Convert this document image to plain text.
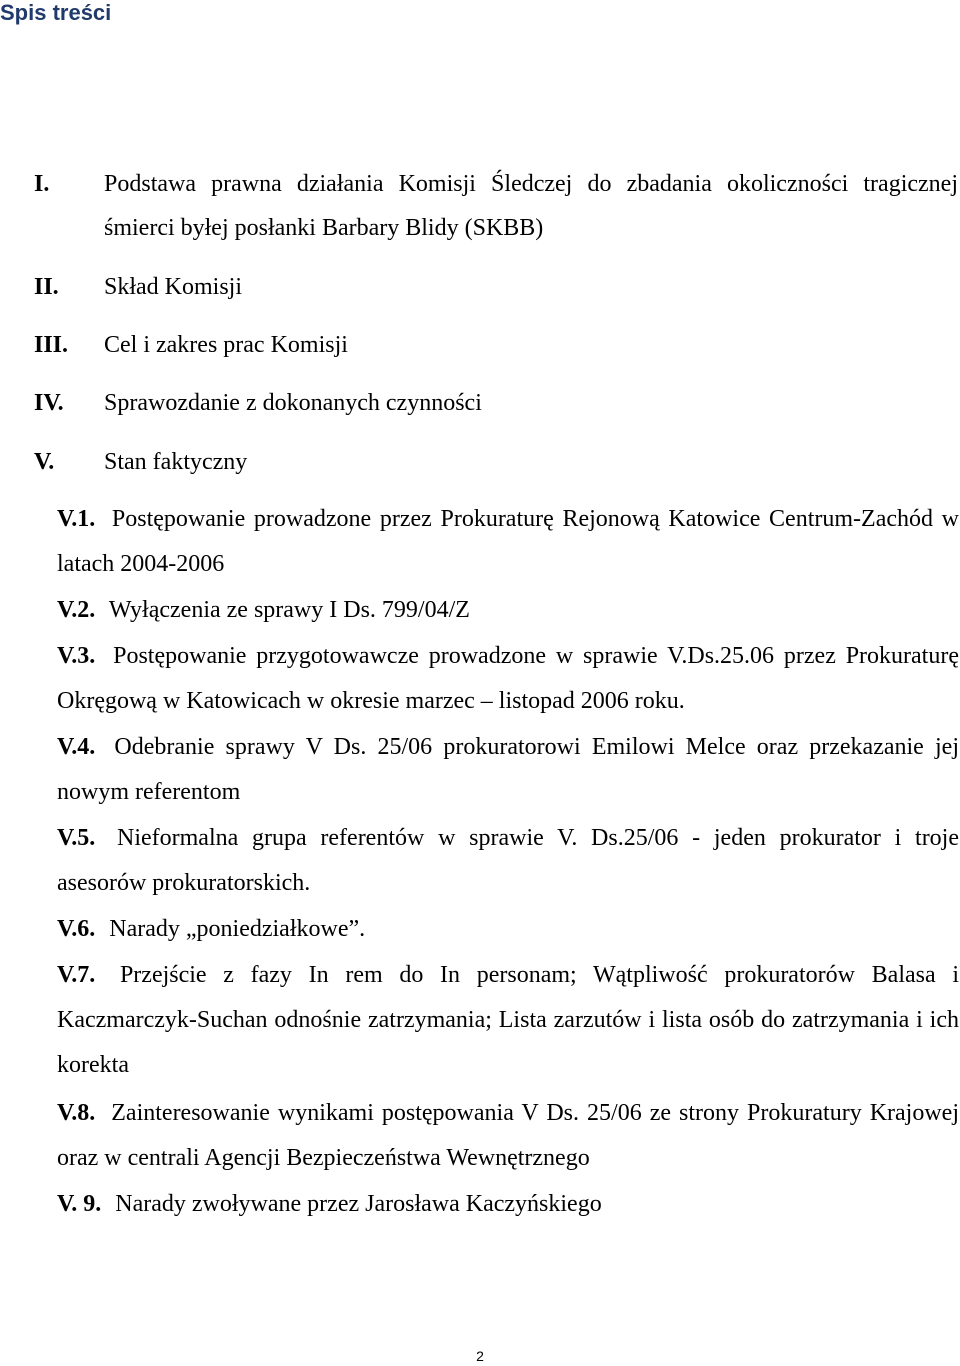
Spis treści
I. Podstawa prawna działania Komisji Śledczej do zbadania okoliczności tragicznej śmierci byłej posłanki Barbary Blidy (SKBB)
II. Skład Komisji
III. Cel i zakres prac Komisji
IV. Sprawozdanie z dokonanych czynności
V. Stan faktyczny
V.1. Postępowanie prowadzone przez Prokuraturę Rejonową Katowice Centrum-Zachód w latach 2004-2006
V.2. Wyłączenia ze sprawy I Ds. 799/04/Z
V.3. Postępowanie przygotowawcze prowadzone w sprawie V.Ds.25.06 przez Prokuraturę Okręgową w Katowicach w okresie marzec – listopad 2006 roku.
V.4. Odebranie sprawy V Ds. 25/06 prokuratorowi Emilowi Melce oraz przekazanie jej nowym referentom
V.5. Nieformalna grupa referentów w sprawie V. Ds.25/06 - jeden prokurator i troje asesorów prokuratorskich.
V.6. Narady „poniedziałkowe”.
V.7. Przejście z fazy In rem do In personam; Wątpliwość prokuratorów Balasa i Kaczmarczyk-Suchan odnośnie zatrzymania; Lista zarzutów i lista osób do zatrzymania i ich korekta
V.8. Zainteresowanie wynikami postępowania V Ds. 25/06 ze strony Prokuratury Krajowej oraz w centrali Agencji Bezpieczeństwa Wewnętrznego
V. 9. Narady zwoływane przez Jarosława Kaczyńskiego
2
